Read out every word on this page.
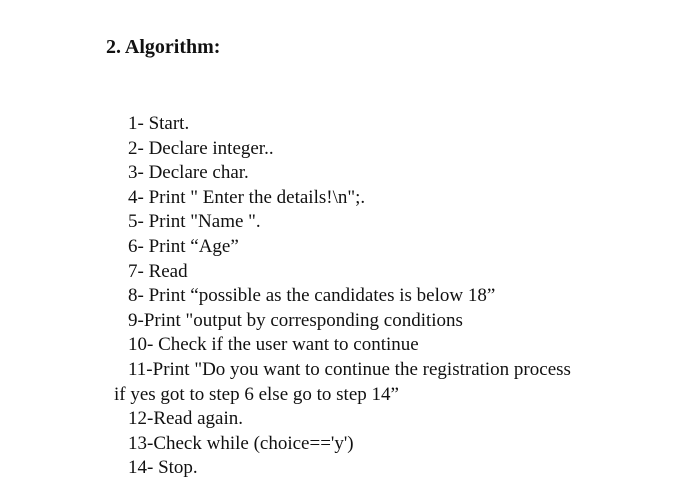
2. Algorithm:
1- Start.
2- Declare integer..
3- Declare char.
4- Print " Enter the details!\n";.
5- Print "Name ".
6- Print “Age”
7- Read
8- Print “possible as the candidates is below 18”
9-Print "output by corresponding conditions
10- Check if the user want to continue
11-Print "Do you want to continue the registration process
if yes got to step 6 else go to step 14”
12-Read again.
13-Check while (choice=='y')
14- Stop.
